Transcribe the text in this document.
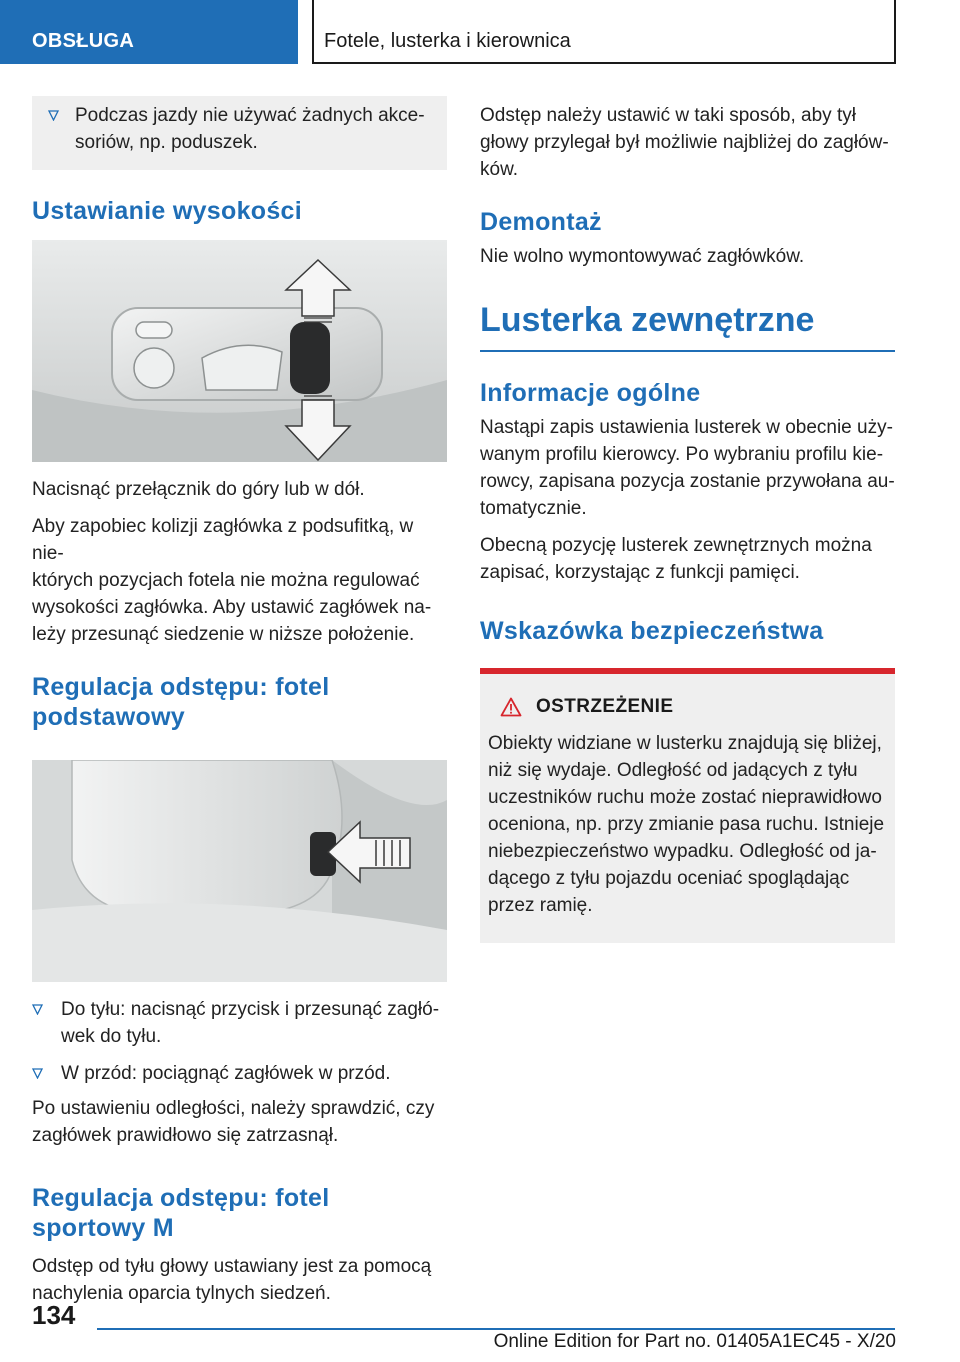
OBSŁUGA	Fotele, lusterka i kierownica
Podczas jazdy nie używać żadnych akce-
soriów, np. poduszek.
Ustawianie wysokości
Nacisnąć przełącznik do góry lub w dół.
Aby zapobiec kolizji zagłówka z podsufitką, w nie-
których pozycjach fotela nie można regulować
wysokości zagłówka. Aby ustawić zagłówek na-
leży przesunąć siedzenie w niższe położenie.
Regulacja odstępu: fotel
podstawowy
Do tyłu: nacisnąć przycisk i przesunąć zagłó-
wek do tyłu.
W przód: pociągnąć zagłówek w przód.
Po ustawieniu odległości, należy sprawdzić, czy
zagłówek prawidłowo się zatrzasnął.
Regulacja odstępu: fotel
sportowy M
Odstęp od tyłu głowy ustawiany jest za pomocą
nachylenia oparcia tylnych siedzeń.
Odstęp należy ustawić w taki sposób, aby tył
głowy przylegał był możliwie najbliżej do zagłów-
ków.
Demontaż
Nie wolno wymontowywać zagłówków.
Lusterka zewnętrzne
Informacje ogólne
Nastąpi zapis ustawienia lusterek w obecnie uży-
wanym profilu kierowcy. Po wybraniu profilu kie-
rowcy, zapisana pozycja zostanie przywołana au-
tomatycznie.
Obecną pozycję lusterek zewnętrznych można
zapisać, korzystając z funkcji pamięci.
Wskazówka bezpieczeństwa
OSTRZEŻENIE
Obiekty widziane w lusterku znajdują się bliżej,
niż się wydaje. Odległość od jadących z tyłu
uczestników ruchu może zostać nieprawidłowo
oceniona, np. przy zmianie pasa ruchu. Istnieje
niebezpieczeństwo wypadku. Odległość od ja-
dącego z tyłu pojazdu oceniać spoglądając
przez ramię.
134
Online Edition for Part no. 01405A1EC45 - X/20
